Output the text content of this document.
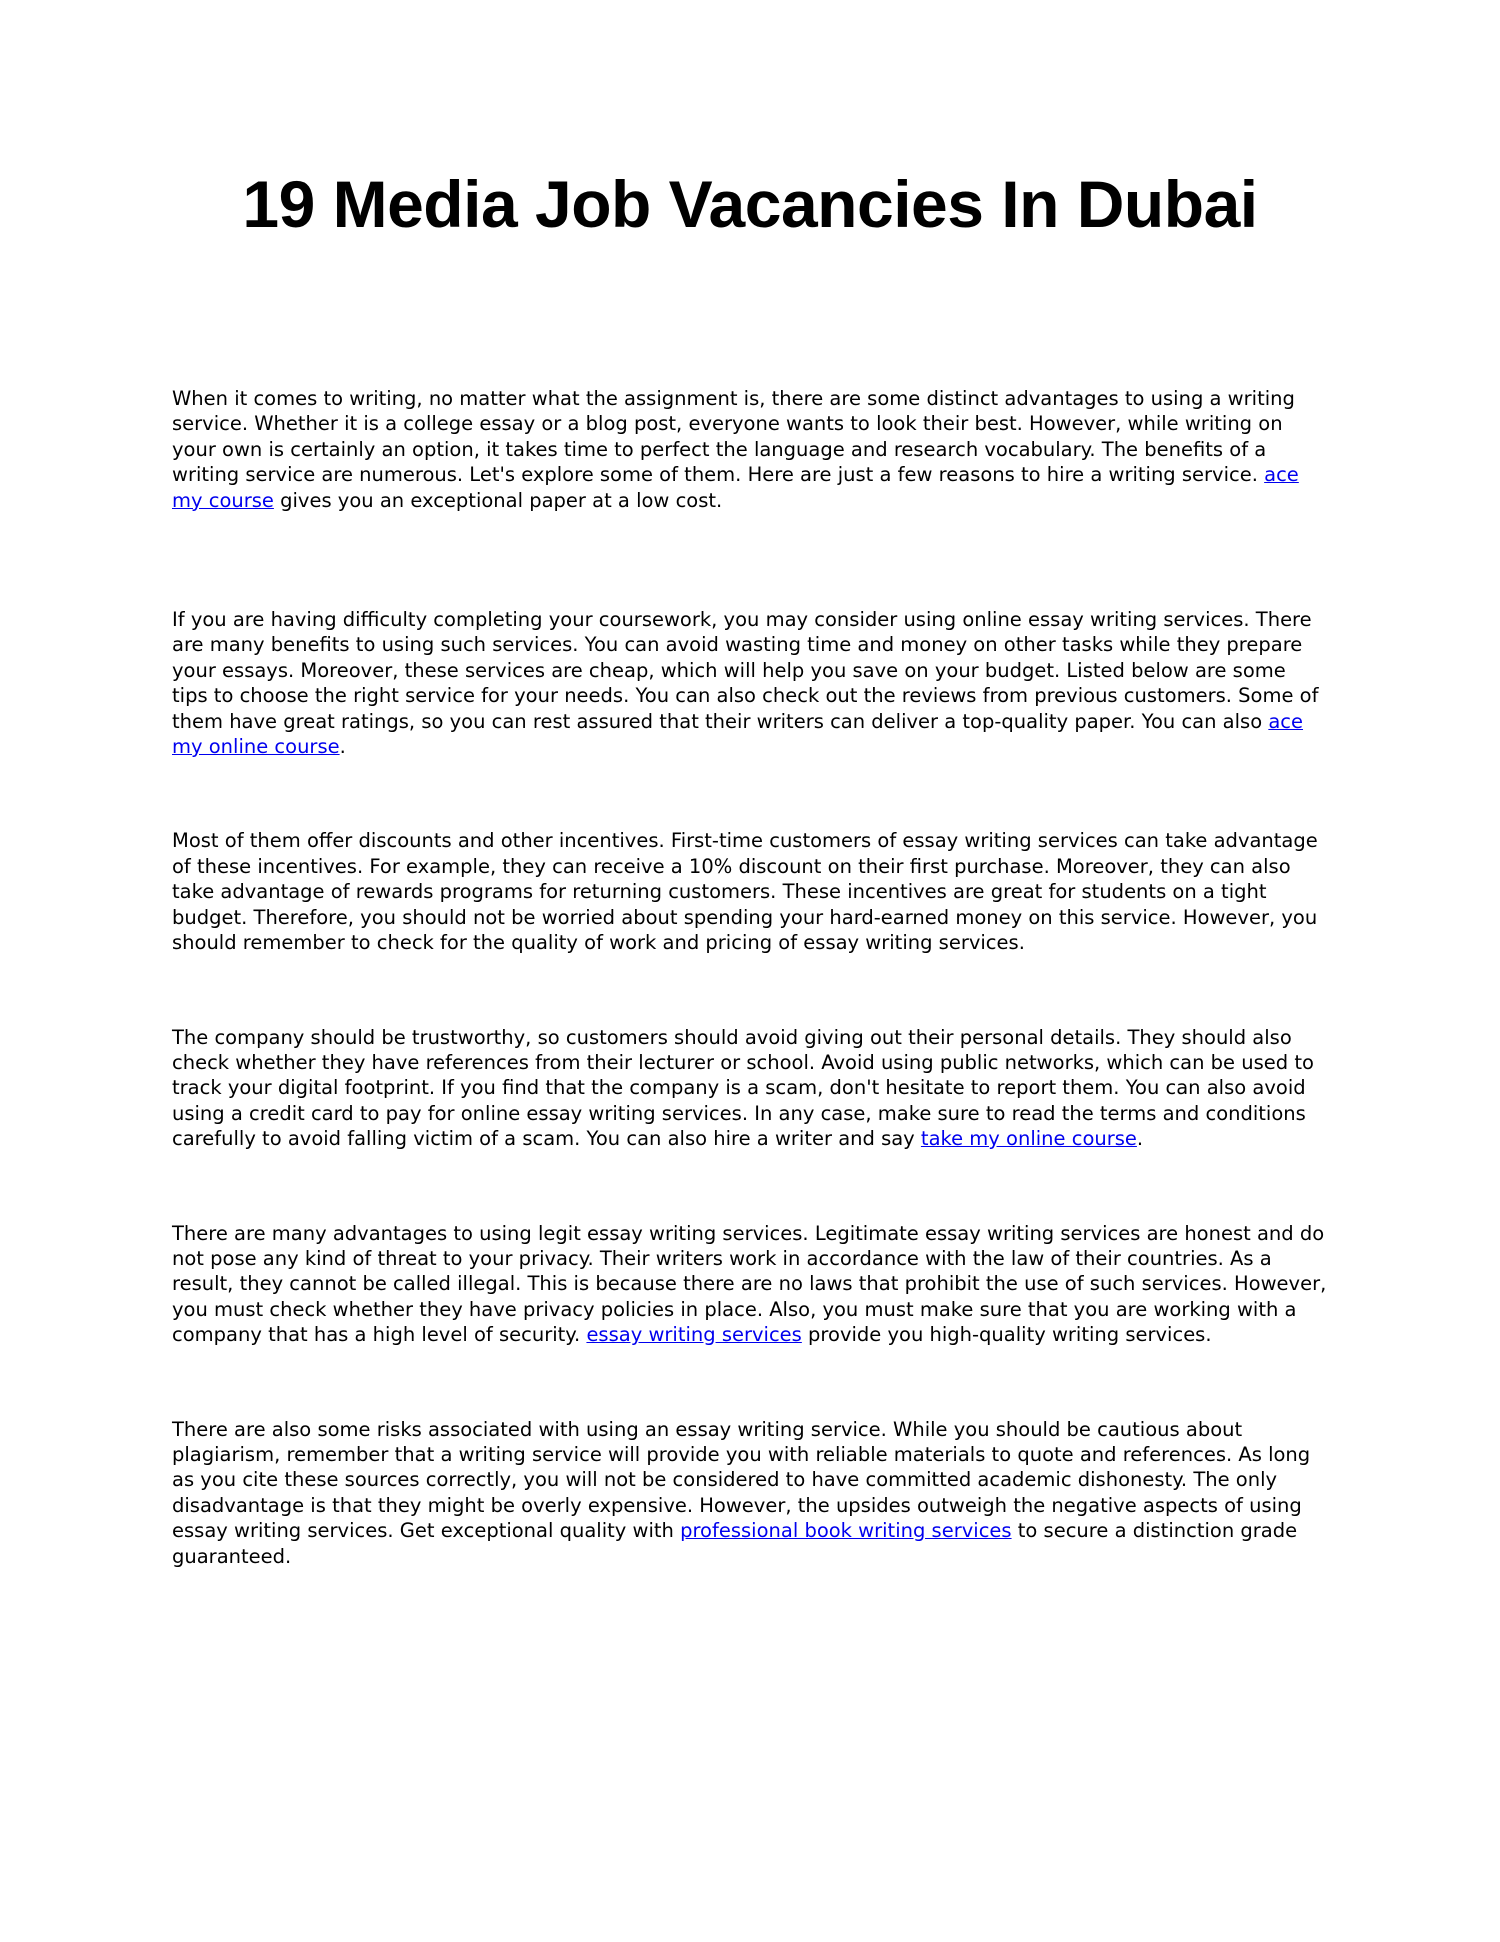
19 Media Job Vacancies In Dubai

When it comes to writing, no matter what the assignment is, there are some distinct advantages to using a writing service. Whether it is a college essay or a blog post, everyone wants to look their best. However, while writing on your own is certainly an option, it takes time to perfect the language and research vocabulary. The benefits of a writing service are numerous. Let's explore some of them. Here are just a few reasons to hire a writing service. ace my course gives you an exceptional paper at a low cost.

If you are having difficulty completing your coursework, you may consider using online essay writing services. There are many benefits to using such services. You can avoid wasting time and money on other tasks while they prepare your essays. Moreover, these services are cheap, which will help you save on your budget. Listed below are some tips to choose the right service for your needs. You can also check out the reviews from previous customers. Some of them have great ratings, so you can rest assured that their writers can deliver a top-quality paper. You can also ace my online course.

Most of them offer discounts and other incentives. First-time customers of essay writing services can take advantage of these incentives. For example, they can receive a 10% discount on their first purchase. Moreover, they can also take advantage of rewards programs for returning customers. These incentives are great for students on a tight budget. Therefore, you should not be worried about spending your hard-earned money on this service. However, you should remember to check for the quality of work and pricing of essay writing services.

The company should be trustworthy, so customers should avoid giving out their personal details. They should also check whether they have references from their lecturer or school. Avoid using public networks, which can be used to track your digital footprint. If you find that the company is a scam, don't hesitate to report them. You can also avoid using a credit card to pay for online essay writing services. In any case, make sure to read the terms and conditions carefully to avoid falling victim of a scam. You can also hire a writer and say take my online course.

There are many advantages to using legit essay writing services. Legitimate essay writing services are honest and do not pose any kind of threat to your privacy. Their writers work in accordance with the law of their countries. As a result, they cannot be called illegal. This is because there are no laws that prohibit the use of such services. However, you must check whether they have privacy policies in place. Also, you must make sure that you are working with a company that has a high level of security. essay writing services provide you high-quality writing services.

There are also some risks associated with using an essay writing service. While you should be cautious about plagiarism, remember that a writing service will provide you with reliable materials to quote and references. As long as you cite these sources correctly, you will not be considered to have committed academic dishonesty. The only disadvantage is that they might be overly expensive. However, the upsides outweigh the negative aspects of using essay writing services. Get exceptional quality with professional book writing services to secure a distinction grade guaranteed.
